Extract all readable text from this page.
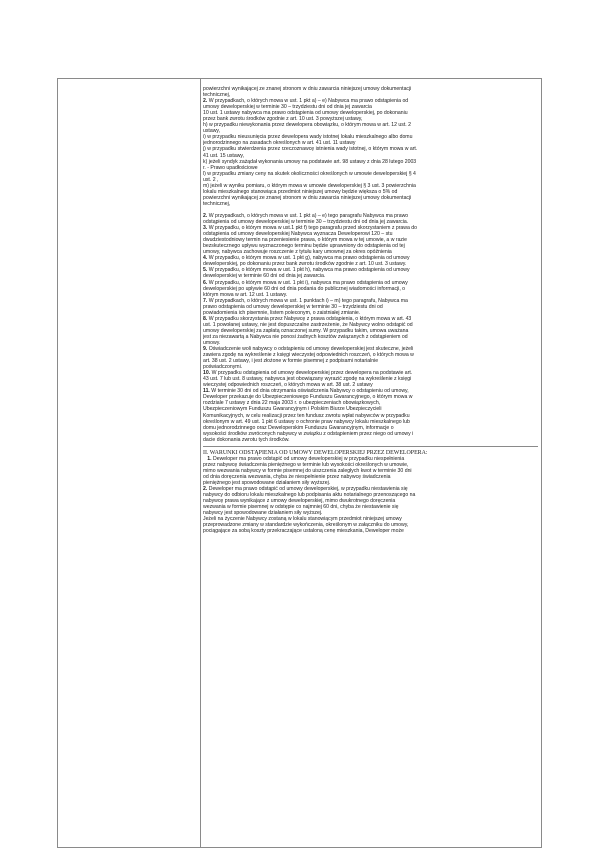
powierzchni wynikającej ze znanej stronom w dniu zawarcia niniejszej umowy dokumentacji
technicznej,
2. W przypadkach, o których mowa w ust. 1 pkt a) – e) Nabywca ma prawo odstąpienia od
umowy deweloperskiej w terminie 30 – trzydziestu dni od dnia jej zawarcia
10 ust. 1 ustawy nabywca ma prawo odstąpienia od umowy deweloperskiej, po dokonaniu
przez bank zwrotu środków zgodnie z art. 10 ust. 3 powyższej ustawy,
h) w przypadku niewykonania przez dewelopera obowiązku, o którym mowa w art. 12 ust. 2
ustawy,
i) w przypadku nieusunięcia przez dewelopera wady istotnej lokalu mieszkalnego albo domu
jednorodzinnego na zasadach określonych w art. 41 ust. 11 ustawy
j) w przypadku stwierdzenia przez rzeczoznawcę istnienia wady istotnej, o którym mowa w art.
41 ust. 15 ustawy,
k) jeżeli syndyk zażądał wykonania umowy na podstawie art. 98 ustawy z dnia 28 lutego 2003
r. - Prawo upadłościowe
l) w przypadku zmiany ceny na skutek okoliczności określonych w umowie deweloperskiej § 4
ust. 2 ,
m) jeżeli w wyniku pomiaru, o którym mowa w umowie deweloperskiej § 3 ust. 3 powierzchnia
lokalu mieszkalnego stanowiąca przedmiot niniejszej umowy będzie większa o 5% od
powierzchni wynikającej ze znanej stronom w dniu zawarcia niniejszej umowy dokumentacji
technicznej,
2. W przypadkach, o których mowa w ust. 1 pkt a) – e) tego paragrafu Nabywca ma prawo
odstąpienia od umowy deweloperskiej w terminie 30 – trzydziestu dni od dnia jej zawarcia.
3. W przypadku, o którym mowa w ust.1 pkt f) tego paragrafu przed skorzystaniem z prawa do
odstąpienia od umowy deweloperskiej Nabywca wyznacza Deweloperowi 120 – stu
dwudziestodniowy termin na przeniesienie prawa, o którym mowa w tej umowie, a w razie
bezskutecznego upływu wyznaczonego terminu będzie uprawniony do odstąpienia od tej
umowy, nabywca zachowuje roszczenie z tytułu kary umownej za okres opóźnienia
4. W przypadku, o którym mowa w ust. 1 pkt g), nabywca ma prawo odstąpienia od umowy
deweloperskiej, po dokonaniu przez bank zwrotu środków zgodnie z art. 10 ust. 3 ustawy.
5. W przypadku, o którym mowa w ust. 1 pkt h), nabywca ma prawo odstąpienia od umowy
deweloperskiej w terminie 60 dni od dnia jej zawarcia.
6. W przypadku, o którym mowa w ust. 1 pkt i), nabywca ma prawo odstąpienia od umowy
deweloperskiej po upływie 60 dni od dnia podania do publicznej wiadomości informacji, o
którym mowa w art. 12 ust. 1 ustawy.
7. W przypadkach, o których mowa w ust. 1 punktach i) – m) tego paragrafu, Nabywca ma
prawo odstąpienia od umowy deweloperskiej w terminie 30 – trzydziestu dni od
powiadomienia ich pisemnie, listem poleconym, o zaistniałej zmianie.
8. W przypadku skorzystania przez Nabywcę z prawa odstąpienia, o którym mowa w art. 43
ust. 1 powołanej ustawy, nie jest dopuszczalne zastrzeżenie, że Nabywcy wolno odstąpić od
umowy deweloperskiej za zapłatą oznaczonej sumy. W przypadku takim, umowa uważana
jest za niezawartą a Nabywca nie ponosi żadnych kosztów związanych z odstąpieniem od
umowy.
9. Oświadczenie woli nabywcy o odstąpieniu od umowy deweloperskiej jest skuteczne, jeżeli
zawiera zgodę na wykreślenie z księgi wieczystej odpowiednich roszczeń, o których mowa w
art. 38 ust. 2 ustawy, i jest złożone w formie pisemnej z podpisami notarialnie
poświadczonymi.
10. W przypadku odstąpienia od umowy deweloperskiej przez dewelopera na podstawie art.
43 ust. 7 lub ust. 8 ustawy, nabywca jest obowiązany wyrazić zgodę na wykreślenie z księgi
wieczystej odpowiednich roszczeń, o których mowa w art. 38 ust. 2 ustawy
11. W terminie 30 dni od dnia otrzymania oświadczenia Nabywcy o odstąpieniu od umowy,
Deweloper przekazuje do Ubezpieczeniowego Funduszu Gwarancyjnego, o którym mowa w
rozdziale 7 ustawy z dnia 22 maja 2003 r. o ubezpieczeniach obowiązkowych,
Ubezpieczeniowym Funduszu Gwarancyjnym i Polskim Biurze Ubezpieczycieli
Komunikacyjnych, w celu realizacji przez ten fundusz zwrotu wpłat nabywców w przypadku
określonym w art. 49 ust. 1 pkt 6 ustawy o ochronie praw nabywcy lokalu mieszkalnego lub
domu jednorodzinnego oraz Deweloperskim Funduszu Gwarancyjnym, informacje o
wysokości środków zwróconych nabywcy w związku z odstąpieniem przez niego od umowy i
dacie dokonania zwrotu tych środków.
II. WARUNKI ODSTĄPIENIA OD UMOWY DEWELOPERSKIEJ PRZEZ DEWELOPERA:
1. Deweloper ma prawo odstąpić od umowy deweloperskiej w przypadku niespełnienia
przez nabywcę świadczenia pieniężnego w terminie lub wysokości określonych w umowie,
mimo wezwania nabywcy w formie pisemnej do uiszczenia zaległych kwot w terminie 30 dni
od dnia doręczenia wezwania, chyba że niespełnienie przez nabywcę świadczenia
pieniężnego jest spowodowane działaniem siły wyższej.
2. Deweloper ma prawo odstąpić od umowy deweloperskiej, w przypadku niestawienia się
nabywcy do odbioru lokalu mieszkalnego lub podpisania aktu notarialnego przenoszącego na
nabywcę prawa wynikające z umowy deweloperskiej, mimo dwukrotnego doręczenia
wezwania w formie pisemnej w odstępie co najmniej 60 dni, chyba że niestawienie się
nabywcy jest spowodowane działaniem siły wyższej.
Jeżeli na życzenie Nabywcy zostaną w lokalu stanowiącym przedmiot niniejszej umowy
przeprowadzone zmiany w standardzie wykończenia, określonym w załączniku do umowy,
pociągające za sobą koszty przekraczające ustaloną cenę mieszkania, Deweloper może
